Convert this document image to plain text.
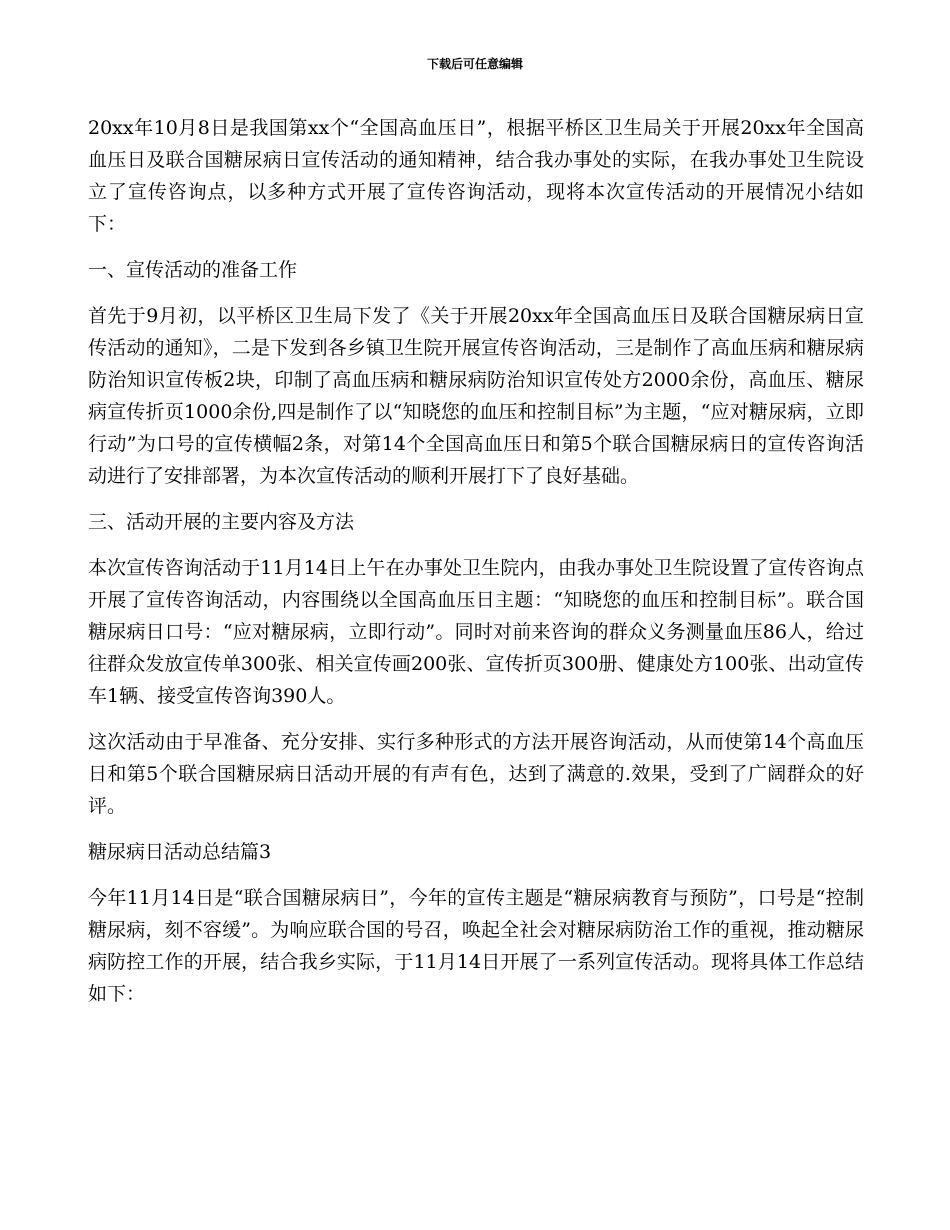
下载后可任意编辑

20xx年10月8日是我国第xx个“全国高血压日”，根据平桥区卫生局关于开展20xx年全国高血压日及联合国糖尿病日宣传活动的通知精神，结合我办事处的实际，在我办事处卫生院设立了宣传咨询点，以多种方式开展了宣传咨询活动，现将本次宣传活动的开展情况小结如下：

一、宣传活动的准备工作

首先于9月初，以平桥区卫生局下发了《关于开展20xx年全国高血压日及联合国糖尿病日宣传活动的通知》，二是下发到各乡镇卫生院开展宣传咨询活动，三是制作了高血压病和糖尿病防治知识宣传板2块，印制了高血压病和糖尿病防治知识宣传处方2000余份，高血压、糖尿病宣传折页1000余份,四是制作了以“知晓您的血压和控制目标”为主题，“应对糖尿病，立即行动”为口号的宣传横幅2条，对第14个全国高血压日和第5个联合国糖尿病日的宣传咨询活动进行了安排部署，为本次宣传活动的顺利开展打下了良好基础。

三、活动开展的主要内容及方法

本次宣传咨询活动于11月14日上午在办事处卫生院内，由我办事处卫生院设置了宣传咨询点开展了宣传咨询活动，内容围绕以全国高血压日主题：“知晓您的血压和控制目标”。联合国糖尿病日口号：“应对糖尿病，立即行动”。同时对前来咨询的群众义务测量血压86人，给过往群众发放宣传单300张、相关宣传画200张、宣传折页300册、健康处方100张、出动宣传车1辆、接受宣传咨询390人。

这次活动由于早准备、充分安排、实行多种形式的方法开展咨询活动，从而使第14个高血压日和第5个联合国糖尿病日活动开展的有声有色，达到了满意的.效果，受到了广阔群众的好评。

糖尿病日活动总结篇3

今年11月14日是“联合国糖尿病日”，今年的宣传主题是“糖尿病教育与预防”，口号是“控制糖尿病，刻不容缓”。为响应联合国的号召，唤起全社会对糖尿病防治工作的重视，推动糖尿病防控工作的开展，结合我乡实际，于11月14日开展了一系列宣传活动。现将具体工作总结如下：
